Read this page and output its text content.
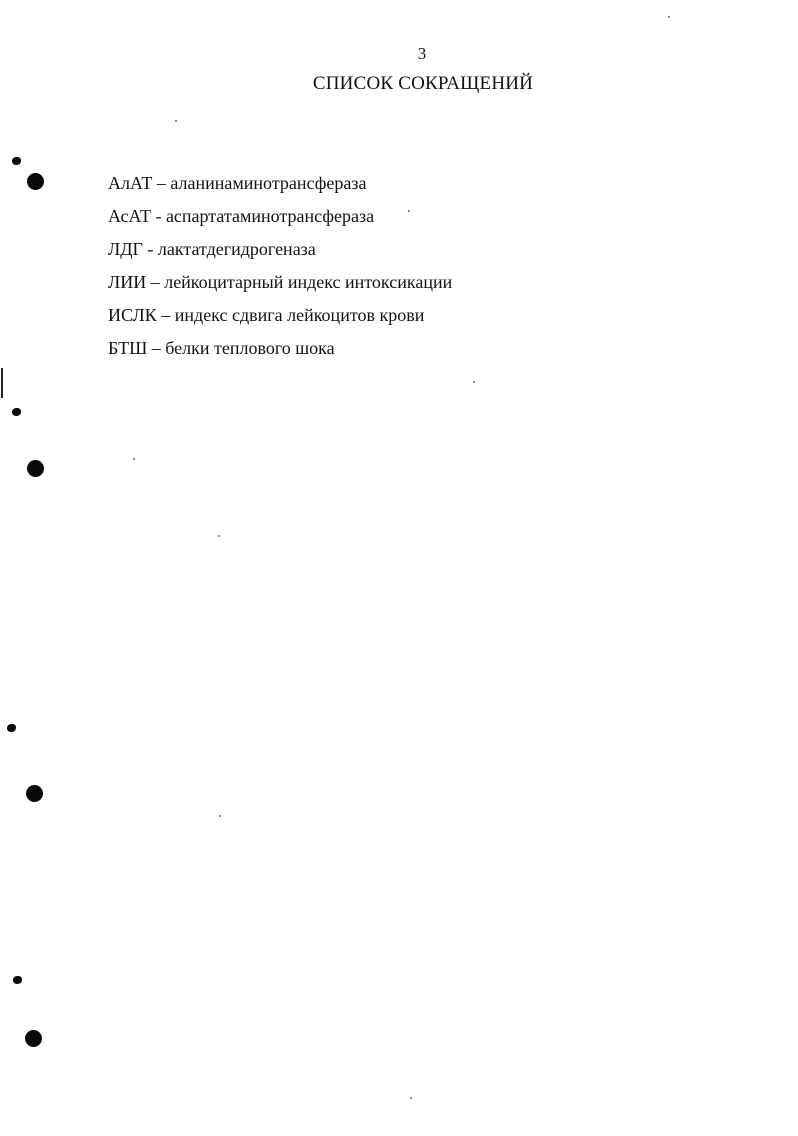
3
СПИСОК СОКРАЩЕНИЙ
АлАТ – аланинаминотрансфераза
АсАТ - аспартатаминотрансфераза
ЛДГ - лактатдегидрогеназа
ЛИИ – лейкоцитарный индекс интоксикации
ИСЛК – индекс сдвига лейкоцитов крови
БТШ – белки теплового шока
